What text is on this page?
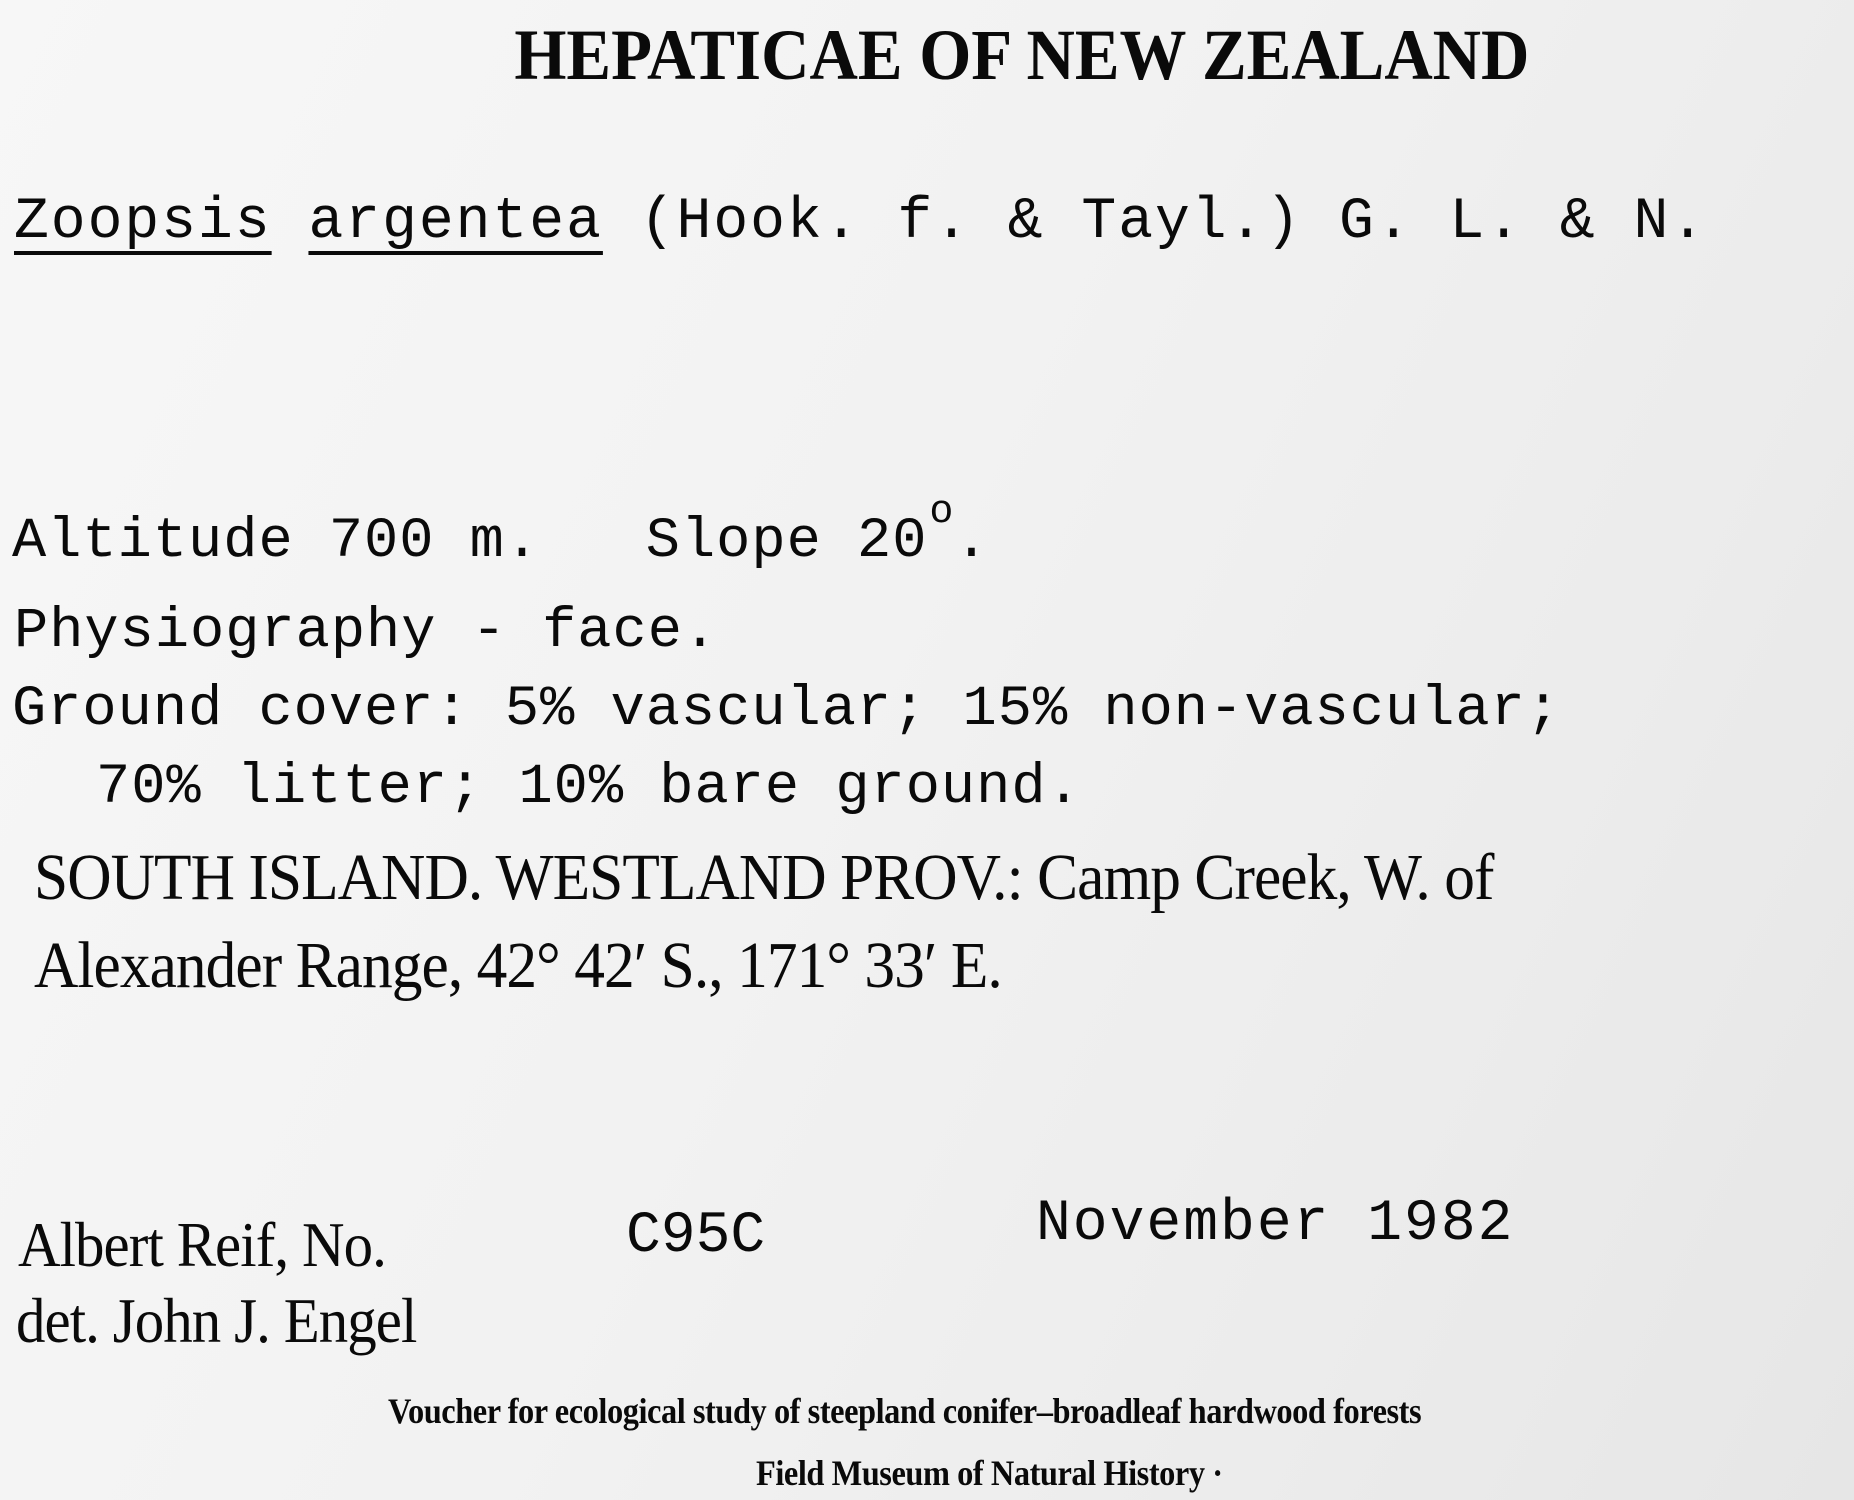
HEPATICAE OF NEW ZEALAND
Zoopsis argentea (Hook. f. & Tayl.) G. L. & N.
Altitude 700 m. Slope 20$^o$.
Physiography - face.
Ground cover: 5% vascular; 15% non-vascular;
70% litter; 10% bare ground.
SOUTH ISLAND. WESTLAND PROV.: Camp Creek, W. of
Alexander Range, 42° 42′ S., 171° 33′ E.
Albert Reif, No.	C95C	November 1982
det. John J. Engel
Voucher for ecological study of steepland conifer–broadleaf hardwood forests
Field Museum of Natural History ·
